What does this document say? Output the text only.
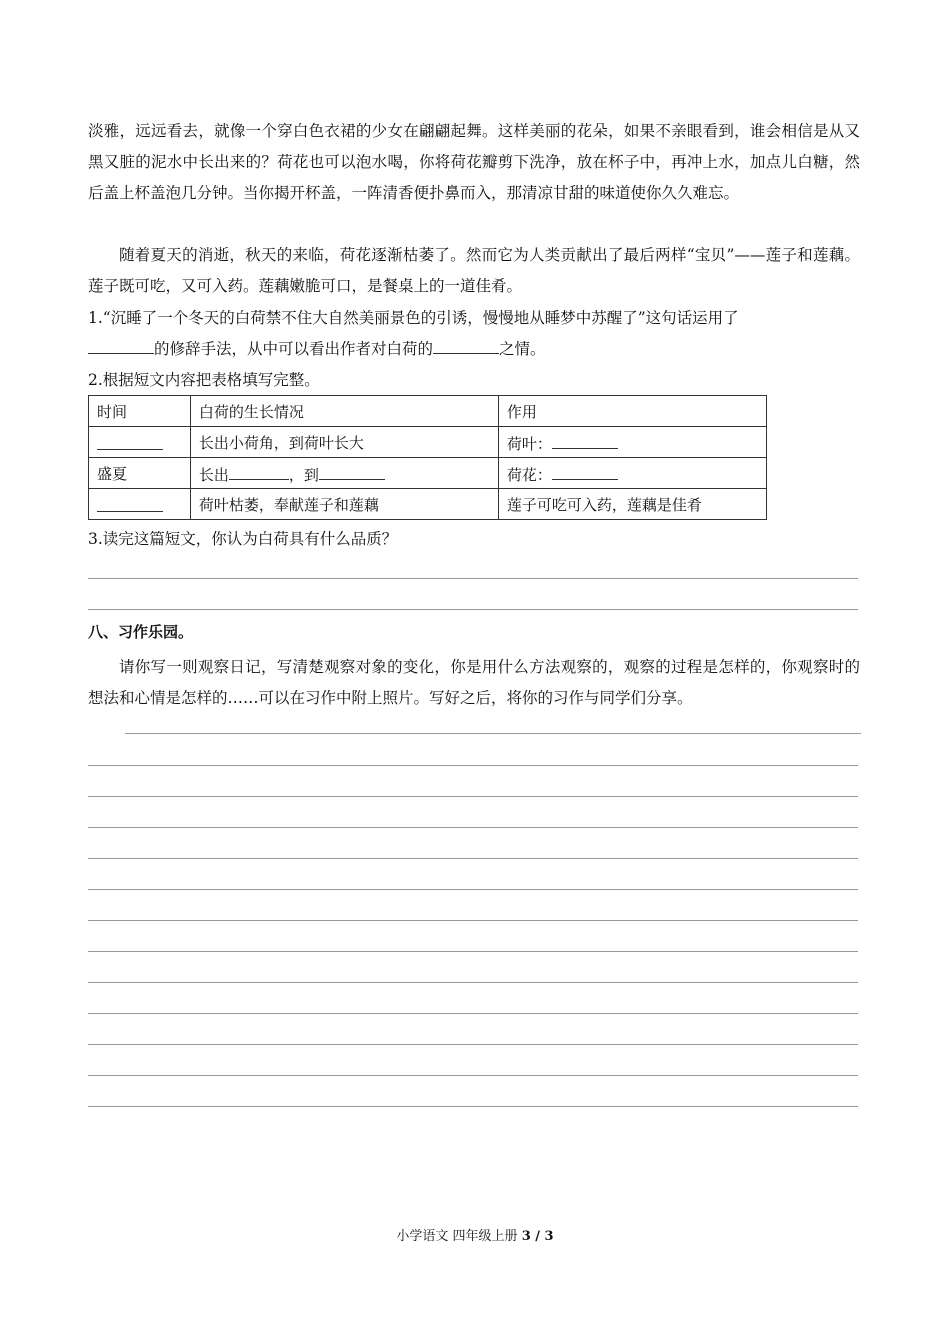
淡雅，远远看去，就像一个穿白色衣裙的少女在翩翩起舞。这样美丽的花朵，如果不亲眼看到，谁会相信是从又黑又脏的泥水中长出来的？荷花也可以泡水喝，你将荷花瓣剪下洗净，放在杯子中，再冲上水，加点儿白糖，然后盖上杯盖泡几分钟。当你揭开杯盖，一阵清香便扑鼻而入，那清凉甘甜的味道使你久久难忘。

随着夏天的消逝，秋天的来临，荷花逐渐枯萎了。然而它为人类贡献出了最后两样“宝贝”——莲子和莲藕。莲子既可吃，又可入药。莲藕嫩脆可口，是餐桌上的一道佳肴。

1.“沉睡了一个冬天的白荷禁不住大自然美丽景色的引诱，慢慢地从睡梦中苏醒了”这句话运用了

的修辞手法，从中可以看出作者对白荷的	之情。

2.根据短文内容把表格填写完整。

时间	白荷的生长情况	作用
	长出小荷角，到荷叶长大	荷叶：
盛夏	长出 ，到	荷花：
	荷叶枯萎，奉献莲子和莲藕	莲子可吃可入药，莲藕是佳肴

3.读完这篇短文，你认为白荷具有什么品质？

八、习作乐园。

请你写一则观察日记，写清楚观察对象的变化，你是用什么方法观察的，观察的过程是怎样的，你观察时的想法和心情是怎样的……可以在习作中附上照片。写好之后，将你的习作与同学们分享。

小学语文 四年级上册 3 / 3
